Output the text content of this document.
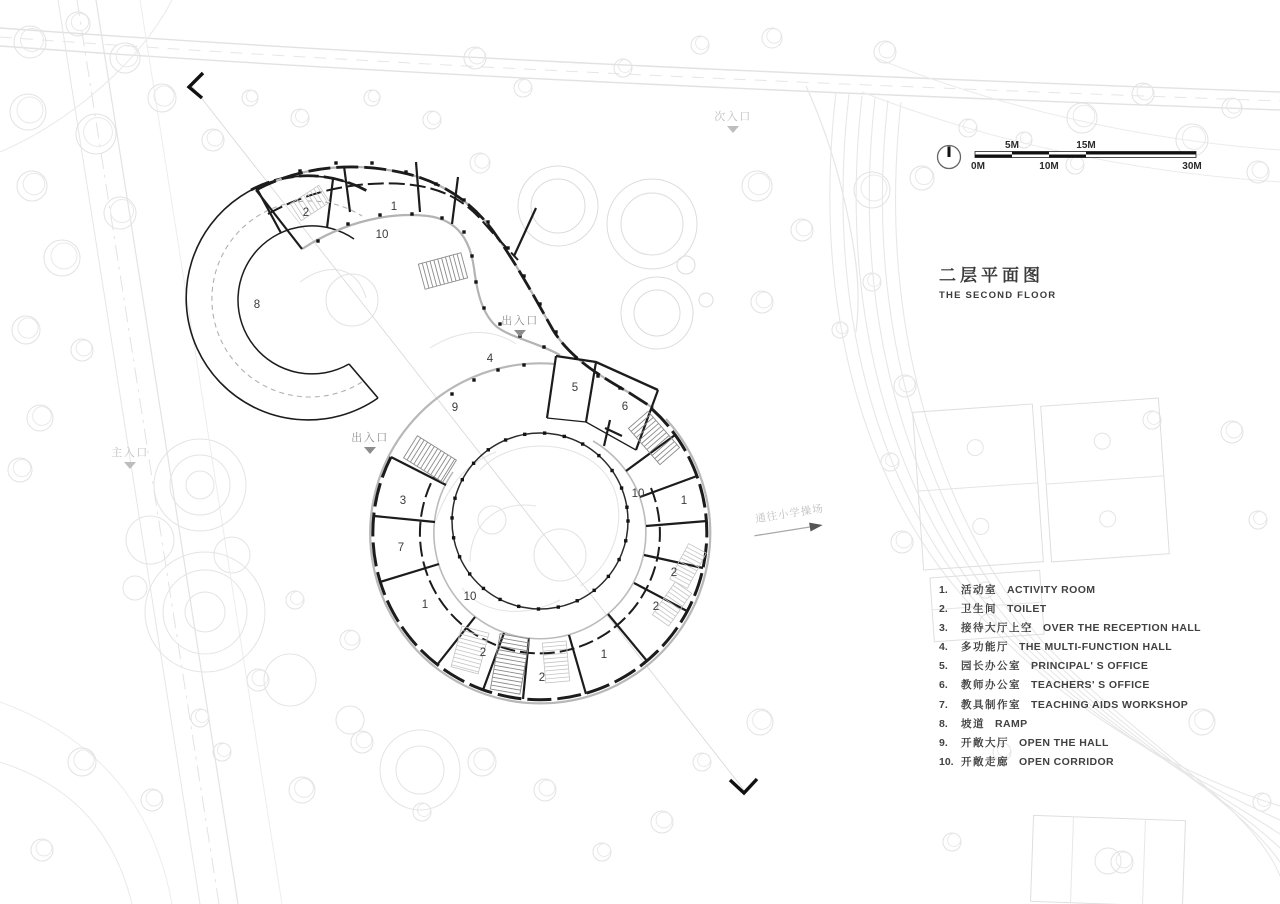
1
2
10
8
4
5
6
9
3
10
1
7
2
10
1	2
2	1
2
次入口
出入口
出入口
主入口
通往小学操场
0M
5M
10M
15M
30M
二层平面图
THE SECOND FLOOR
1.	活动室 ACTIVITY ROOM
2.	卫生间 TOILET
3.	接待大厅上空 OVER THE RECEPTION HALL
4.	多功能厅 THE MULTI-FUNCTION HALL
5.	园长办公室 PRINCIPAL' S OFFICE
6.	教师办公室 TEACHERS' S OFFICE
7.	教具制作室 TEACHING AIDS WORKSHOP
8.	坡道 RAMP
9.	开敞大厅 OPEN THE HALL
10. 开敞走廊 OPEN CORRIDOR
